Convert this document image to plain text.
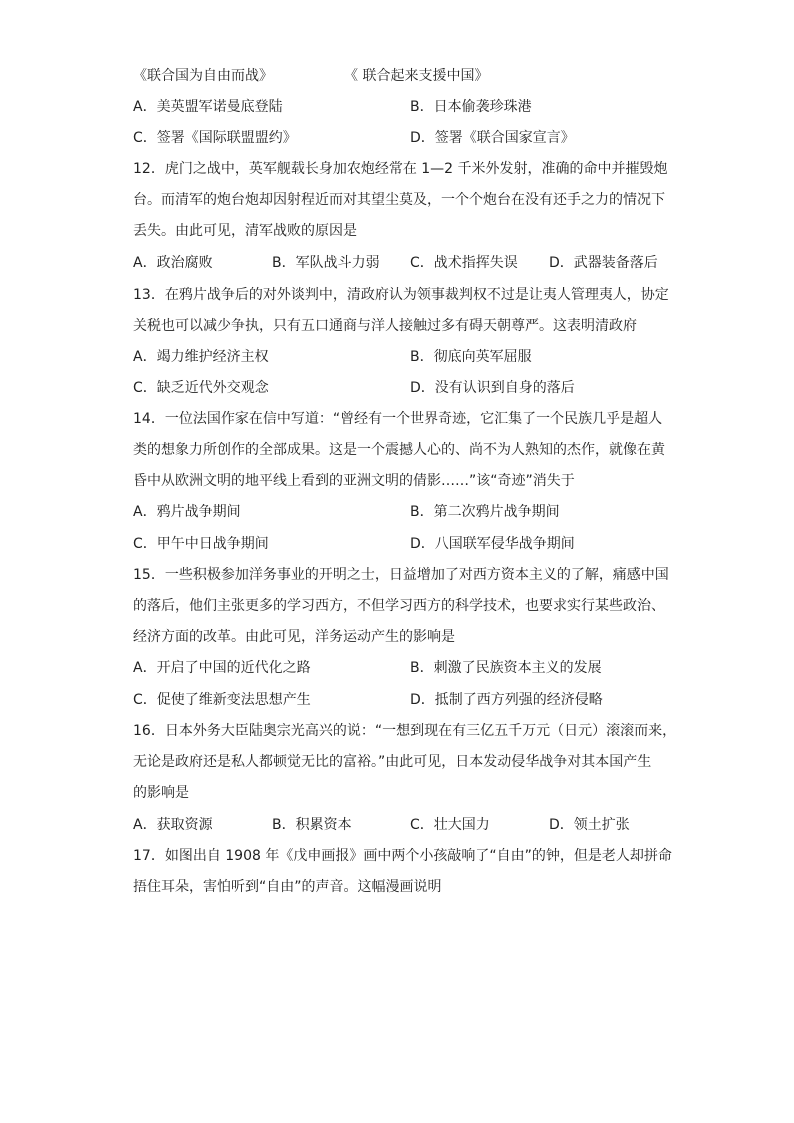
《联合国为自由而战》	《 联合起来支援中国》
A．美英盟军诺曼底登陆	B．日本偷袭珍珠港
C．签署《国际联盟盟约》	D．签署《联合国家宣言》
12．虎门之战中，英军舰载长身加农炮经常在 1—2 千米外发射，准确的命中并摧毁炮
台。而清军的炮台炮却因射程近而对其望尘莫及，一个个炮台在没有还手之力的情况下
丢失。由此可见，清军战败的原因是
A．政治腐败	B．军队战斗力弱 C．战术指挥失误 D．武器装备落后
13．在鸦片战争后的对外谈判中，清政府认为领事裁判权不过是让夷人管理夷人，协定
关税也可以减少争执，只有五口通商与洋人接触过多有碍天朝尊严。这表明清政府
A．竭力维护经济主权	B．彻底向英军屈服
C．缺乏近代外交观念	D．没有认识到自身的落后
14．一位法国作家在信中写道：“曾经有一个世界奇迹，它汇集了一个民族几乎是超人
类的想象力所创作的全部成果。这是一个震撼人心的、尚不为人熟知的杰作，就像在黄
昏中从欧洲文明的地平线上看到的亚洲文明的倩影……”该“奇迹”消失于
A．鸦片战争期间	B．第二次鸦片战争期间
C．甲午中日战争期间	D．八国联军侵华战争期间
15．一些积极参加洋务事业的开明之士，日益增加了对西方资本主义的了解，痛感中国
的落后，他们主张更多的学习西方，不但学习西方的科学技术，也要求实行某些政治、
经济方面的改革。由此可见，洋务运动产生的影响是
A．开启了中国的近代化之路	B．刺激了民族资本主义的发展
C．促使了维新变法思想产生	D．抵制了西方列强的经济侵略
16．日本外务大臣陆奥宗光高兴的说：“一想到现在有三亿五千万元（日元）滚滚而来，
无论是政府还是私人都顿觉无比的富裕。”由此可见，日本发动侵华战争对其本国产生
的影响是
A．获取资源	B．积累资本	C．壮大国力	D．领土扩张
17．如图出自 1908 年《戊申画报》画中两个小孩敲响了“自由”的钟，但是老人却拼命
捂住耳朵，害怕听到“自由”的声音。这幅漫画说明
